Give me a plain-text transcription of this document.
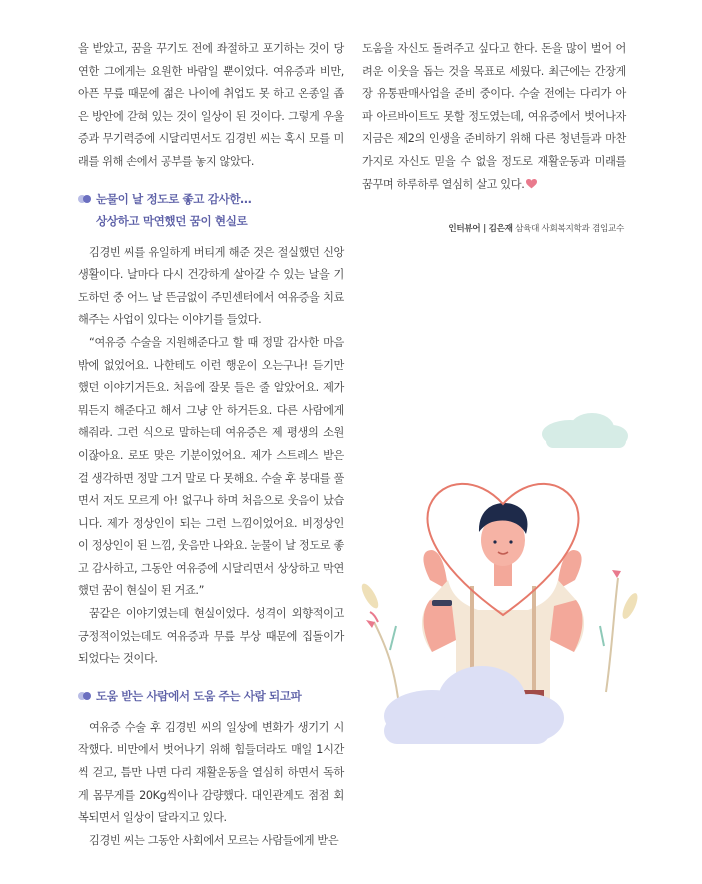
을 받았고, 꿈을 꾸기도 전에 좌절하고 포기하는 것이 당연한 그에게는 요원한 바람일 뿐이었다. 여유증과 비만, 아픈 무릎 때문에 젊은 나이에 취업도 못 하고 온종일 좁은 방안에 갇혀 있는 것이 일상이 된 것이다. 그렇게 우울증과 무기력증에 시달리면서도 김경빈 씨는 혹시 모를 미래를 위해 손에서 공부를 놓지 않았다.

눈물이 날 정도로 좋고 감사한…
상상하고 막연했던 꿈이 현실로

김경빈 씨를 유일하게 버티게 해준 것은 절실했던 신앙생활이다. 날마다 다시 건강하게 살아갈 수 있는 날을 기도하던 중 어느 날 뜬금없이 주민센터에서 여유증을 치료해주는 사업이 있다는 이야기를 들었다.

“여유증 수술을 지원해준다고 할 때 정말 감사한 마음밖에 없었어요. 나한테도 이런 행운이 오는구나! 듣기만 했던 이야기거든요. 처음에 잘못 들은 줄 알았어요. 제가 뭐든지 해준다고 해서 그냥 안 하거든요. 다른 사람에게 해줘라. 그런 식으로 말하는데 여유증은 제 평생의 소원이잖아요. 로또 맞은 기분이었어요. 제가 스트레스 받은 걸 생각하면 정말 그거 말로 다 못해요. 수술 후 붕대를 풀면서 저도 모르게 아! 없구나 하며 처음으로 웃음이 났습니다. 제가 정상인이 되는 그런 느낌이었어요. 비정상인이 정상인이 된 느낌, 웃음만 나와요. 눈물이 날 정도로 좋고 감사하고, 그동안 여유증에 시달리면서 상상하고 막연했던 꿈이 현실이 된 거죠.”

꿈같은 이야기였는데 현실이었다. 성격이 외향적이고 긍정적이었는데도 여유증과 무릎 부상 때문에 집돌이가 되었다는 것이다.

도움 받는 사람에서 도움 주는 사람 되고파

여유증 수술 후 김경빈 씨의 일상에 변화가 생기기 시작했다. 비만에서 벗어나기 위해 힘들더라도 매일 1시간씩 걷고, 틈만 나면 다리 재활운동을 열심히 하면서 독하게 몸무게를 20Kg씩이나 감량했다. 대인관계도 점점 회복되면서 일상이 달라지고 있다.

김경빈 씨는 그동안 사회에서 모르는 사람들에게 받은

도움을 자신도 돌려주고 싶다고 한다. 돈을 많이 벌어 어려운 이웃을 돕는 것을 목표로 세웠다. 최근에는 간장게장 유통판매사업을 준비 중이다. 수술 전에는 다리가 아파 아르바이트도 못할 정도였는데, 여유증에서 벗어나자 지금은 제2의 인생을 준비하기 위해 다른 청년들과 마찬가지로 자신도 믿을 수 없을 정도로 재활운동과 미래를 꿈꾸며 하루하루 열심히 살고 있다.

인터뷰어 | 김은재 삼육대 사회복지학과 겸임교수
